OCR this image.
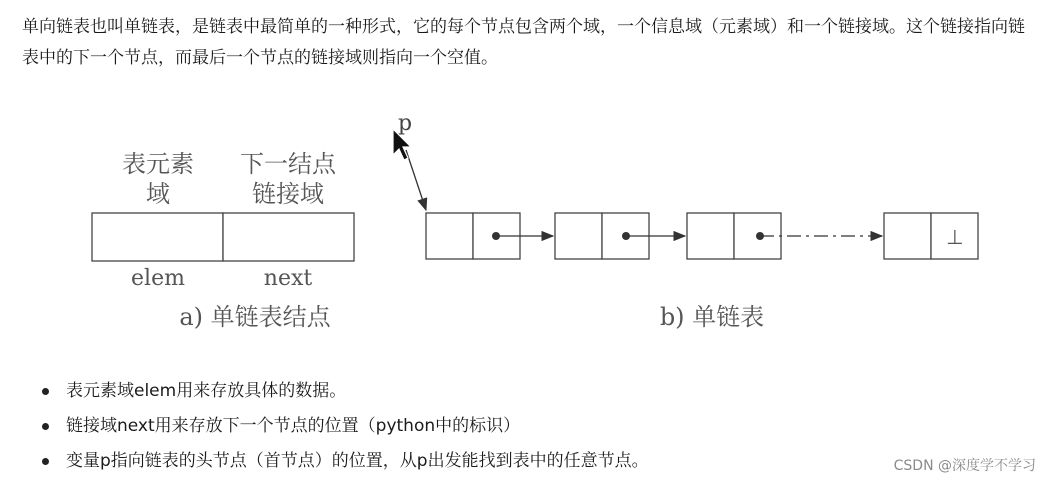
单向链表也叫单链表，是链表中最简单的一种形式，它的每个节点包含两个域，一个信息域（元素域）和一个链接域。这个链接指向链表中的下一个节点，而最后一个节点的链接域则指向一个空值。
表元素
域
下一结点
链接域
elem	next
a) 单链表结点
p
⊥
b) 单链表
表元素域elem用来存放具体的数据。
链接域next用来存放下一个节点的位置（python中的标识）
变量p指向链表的头节点（首节点）的位置，从p出发能找到表中的任意节点。	CSDN @深度学不学习
